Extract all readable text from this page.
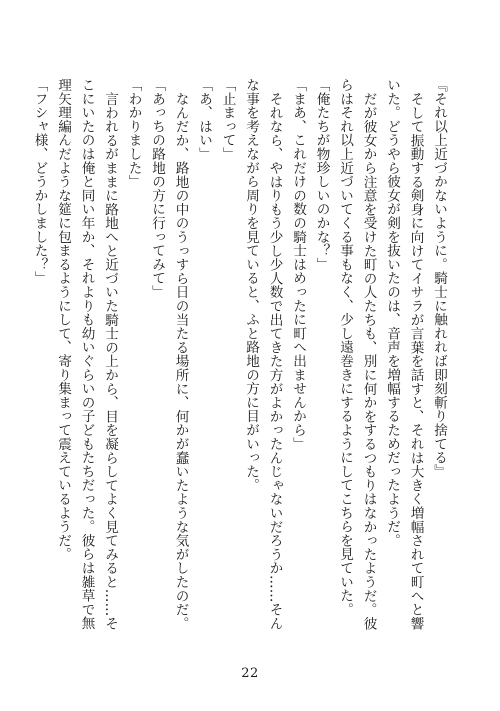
『それ以上近づかないように。騎士に触れれば即刻斬り捨てる』

そして振動する剣身に向けてイサラが言葉を話すと、それは大きく増幅されて町へと響いた。どうやら彼女が剣を抜いたのは、音声を増幅するためだったようだ。

だが彼女から注意を受けた町の人たちも、別に何かをするつもりはなかったようだ。彼らはそれ以上近づいてくる事もなく、少し遠巻きにするようにしてこちらを見ていた。

「俺たちが物珍しいのかな？」

「まあ、これだけの数の騎士はめったに町へ出ませんから」

それなら、やはりもう少し少人数で出てきた方がよかったんじゃないだろうか……そんな事を考えながら周りを見ていると、ふと路地の方に目がいった。

「止まって」

「あ、はい」

なんだか、路地の中のうっすら日の当たる場所に、何かが蠢いたような気がしたのだ。

「あっちの路地の方に行ってみて」

「わかりました」

言われるがままに路地へと近づいた騎士の上から、目を凝らしてよく見てみると……そこにいたのは俺と同い年か、それよりも幼いぐらいの子どもたちだった。彼らは雑草で無理矢理編んだような筵に包まるようにして、寄り集まって震えているようだ。

「フシャ様、どうかしました？」

22
